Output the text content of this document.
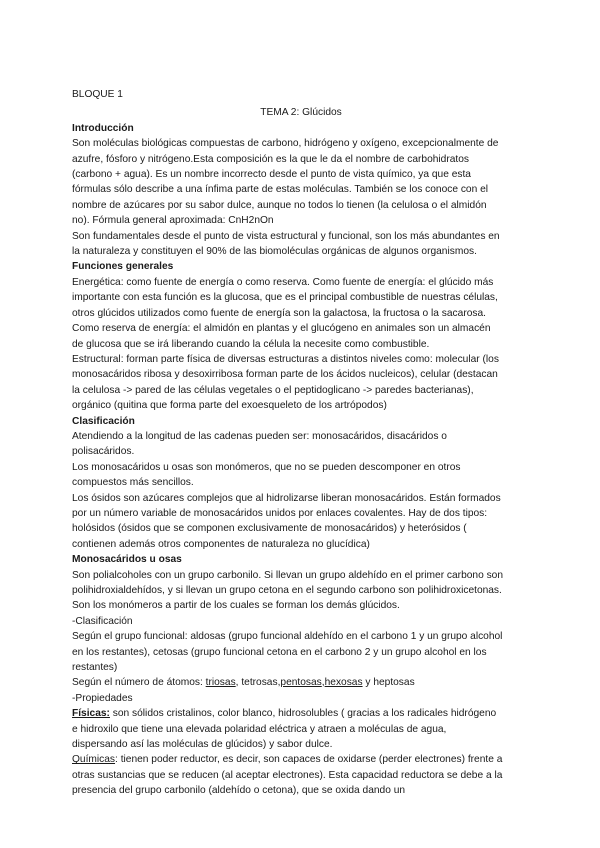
BLOQUE 1

TEMA 2: Glúcidos

Introducción

Son moléculas biológicas compuestas de carbono, hidrógeno y oxígeno, excepcionalmente de azufre, fósforo y nitrógeno.Esta composición es la que le da el nombre de carbohidratos (carbono + agua). Es un nombre incorrecto desde el punto de vista químico, ya que esta fórmulas sólo describe a una ínfima parte de estas moléculas. También se los conoce con el nombre de azúcares por su sabor dulce, aunque no todos lo tienen (la celulosa o el almidón no). Fórmula general aproximada: CnH2nOn

Son fundamentales desde el punto de vista estructural y funcional, son los más abundantes en la naturaleza y constituyen el 90% de las biomoléculas orgánicas de algunos organismos.

Funciones generales

Energética: como fuente de energía o como reserva. Como fuente de energía: el glúcido más importante con esta función es la glucosa, que es el principal combustible de nuestras células, otros glúcidos utilizados como fuente de energía son la galactosa, la fructosa o la sacarosa. Como reserva de energía: el almidón en plantas y el glucógeno en animales son un almacén de glucosa que se irá liberando cuando la célula la necesite como combustible.

Estructural: forman parte física de diversas estructuras a distintos niveles como: molecular (los monosacáridos ribosa y desoxirribosa forman parte de los ácidos nucleicos), celular (destacan la celulosa -> pared de las células vegetales o el peptidoglicano -> paredes bacterianas), orgánico (quitina que forma parte del exoesqueleto de los artrópodos)

Clasificación

Atendiendo a la longitud de las cadenas pueden ser: monosacáridos, disacáridos o polisacáridos.

Los monosacáridos u osas son monómeros, que no se pueden descomponer en otros compuestos más sencillos.

Los ósidos son azúcares complejos que al hidrolizarse liberan monosacáridos. Están formados por un número variable de monosacáridos unidos por enlaces covalentes. Hay de dos tipos: holósidos (ósidos que se componen exclusivamente de monosacáridos) y heterósidos ( contienen además otros componentes de naturaleza no glucídica)

Monosacáridos u osas

Son polialcoholes con un grupo carbonilo. Si llevan un grupo aldehído en el primer carbono son polihidroxialdehídos, y si llevan un grupo cetona en el segundo carbono son polihidroxicetonas. Son los monómeros a partir de los cuales se forman los demás glúcidos.

-Clasificación

Según el grupo funcional: aldosas (grupo funcional aldehído en el carbono 1 y un grupo alcohol en los restantes), cetosas (grupo funcional cetona en el carbono 2 y un grupo alcohol en los restantes)

Según el número de átomos: triosas, tetrosas,pentosas,hexosas y heptosas

-Propiedades

Físicas: son sólidos cristalinos, color blanco, hidrosolubles ( gracias a los radicales hidrógeno e hidroxilo que tiene una elevada polaridad eléctrica y atraen a moléculas de agua, dispersando así las moléculas de glúcidos) y sabor dulce.

Químicas: tienen poder reductor, es decir, son capaces de oxidarse (perder electrones) frente a otras sustancias que se reducen (al aceptar electrones). Esta capacidad reductora se debe a la presencia del grupo carbonilo (aldehído o cetona), que se oxida dando un
